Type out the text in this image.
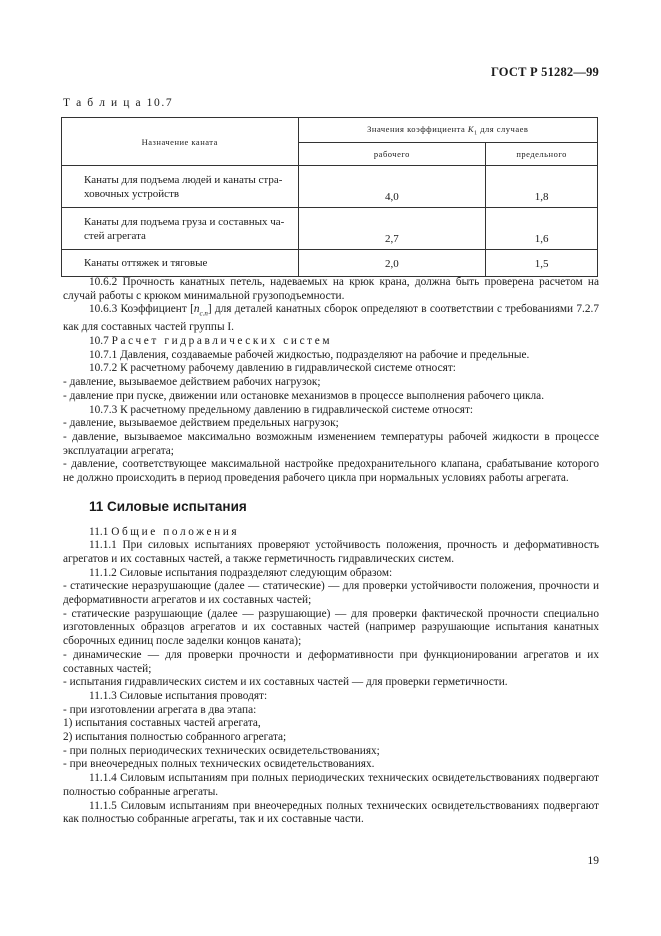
ГОСТ Р 51282—99
Т а б л и ц а 10.7
Назначение каната	Значения коэффициента $K_1$ для случаев	
	рабочего	предельного
Канаты для подъема людей и канаты страховочных устройств	4,0	1,8
Канаты для подъема груза и составных частей агрегата	2,7	1,6
Канаты оттяжек и тяговые	2,0	1,5

10.6.2 Прочность канатных петель, надеваемых на крюк крана, должна быть проверена расчетом на случай работы с крюком минимальной грузоподъемности.

10.6.3 Коэффициент $[n_{с.п}]$ для деталей канатных сборок определяют в соответствии с требованиями 7.2.7 как для составных частей группы I.

10.7 Расчет гидравлических систем

10.7.1 Давления, создаваемые рабочей жидкостью, подразделяют на рабочие и предельные.

10.7.2 К расчетному рабочему давлению в гидравлической системе относят:

- давление, вызываемое действием рабочих нагрузок;

- давление при пуске, движении или остановке механизмов в процессе выполнения рабочего цикла.

10.7.3 К расчетному предельному давлению в гидравлической системе относят:

- давление, вызываемое действием предельных нагрузок;

- давление, вызываемое максимально возможным изменением температуры рабочей жидкости в процессе эксплуатации агрегата;

- давление, соответствующее максимальной настройке предохранительного клапана, срабатывание которого не должно происходить в период проведения рабочего цикла при нормальных условиях работы агрегата.

11 Силовые испытания

11.1 Общие положения

11.1.1 При силовых испытаниях проверяют устойчивость положения, прочность и деформативность агрегатов и их составных частей, а также герметичность гидравлических систем.

11.1.2 Силовые испытания подразделяют следующим образом:

- статические неразрушающие (далее — статические) — для проверки устойчивости положения, прочности и деформативности агрегатов и их составных частей;

- статические разрушающие (далее — разрушающие) — для проверки фактической прочности специально изготовленных образцов агрегатов и их составных частей (например разрушающие испытания канатных сборочных единиц после заделки концов каната);

- динамические — для проверки прочности и деформативности при функционировании агрегатов и их составных частей;

- испытания гидравлических систем и их составных частей — для проверки герметичности.

11.1.3 Силовые испытания проводят:

- при изготовлении агрегата в два этапа:

1) испытания составных частей агрегата,

2) испытания полностью собранного агрегата;

- при полных периодических технических освидетельствованиях;

- при внеочередных полных технических освидетельствованиях.

11.1.4 Силовым испытаниям при полных периодических технических освидетельствованиях подвергают полностью собранные агрегаты.

11.1.5 Силовым испытаниям при внеочередных полных технических освидетельствованиях подвергают как полностью собранные агрегаты, так и их составные части.

19
